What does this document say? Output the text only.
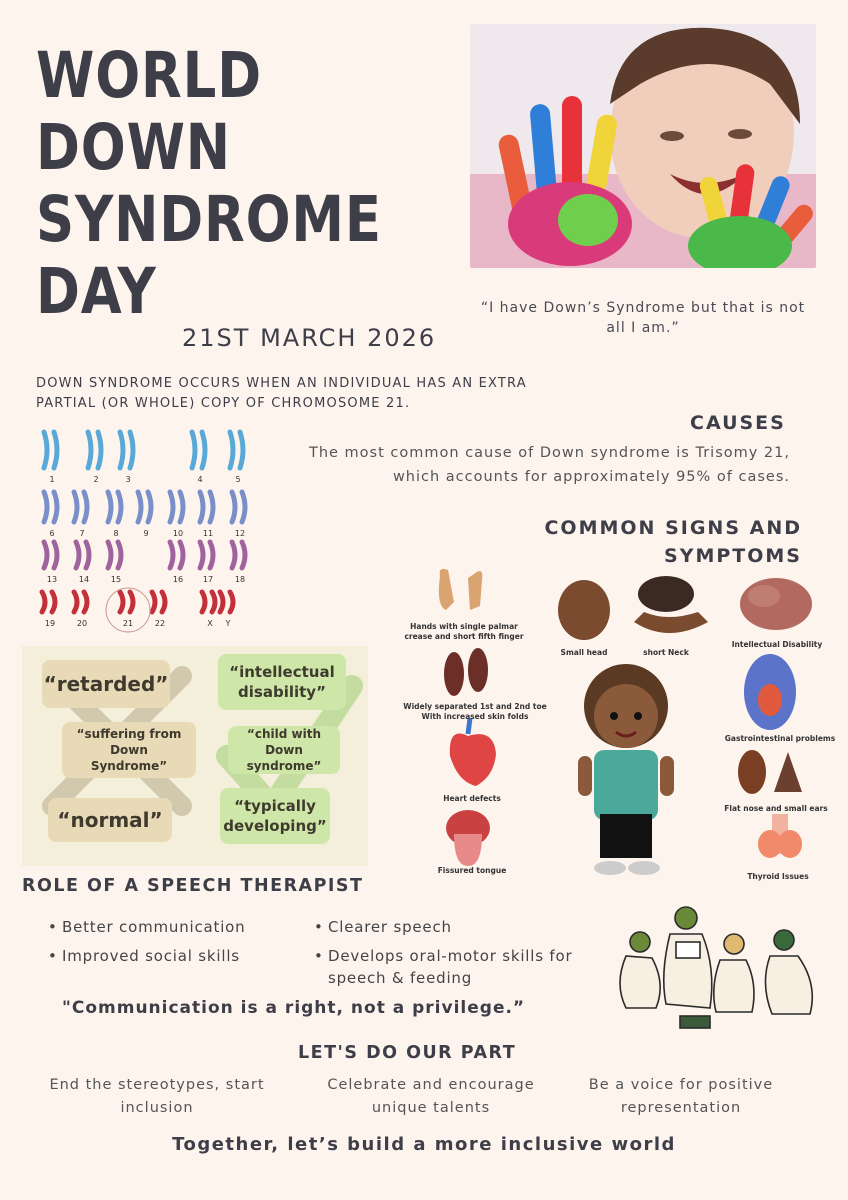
WORLD
DOWN
SYNDROME
DAY
21ST MARCH 2026
“I have Down’s Syndrome but that is not all I am.”
DOWN SYNDROME OCCURS WHEN AN INDIVIDUAL HAS AN EXTRA PARTIAL (OR WHOLE) COPY OF CHROMOSOME 21.
CAUSES
The most common cause of Down syndrome is Trisomy 21, which accounts for approximately 95% of cases.
1	2	3	4	5
6	7	8	9	10 11	12
13	14	15	16 17	18
19	20	21	22	X Y
COMMON SIGNS AND SYMPTOMS
“retarded”
“suffering from Down Syndrome”
“normal”
“intellectual disability”
“child with Down syndrome”
“typically developing”
Hands with single palmar crease and short fifth finger
Small head	short Neck
Intellectual Disability
Widely separated 1st and 2nd toe With increased skin folds
Gastrointestinal problems
Heart defects
Flat nose and small ears
Fissured tongue
Thyroid Issues
ROLE OF A SPEECH THERAPIST
• Better communication	• Clearer speech
• Improved social skills	• Develops oral-motor skills for speech & feeding
"Communication is a right, not a privilege.”
LET'S DO OUR PART
End the stereotypes, start inclusion
Celebrate and encourage unique talents
Be a voice for positive representation
Together, let’s build a more inclusive world
